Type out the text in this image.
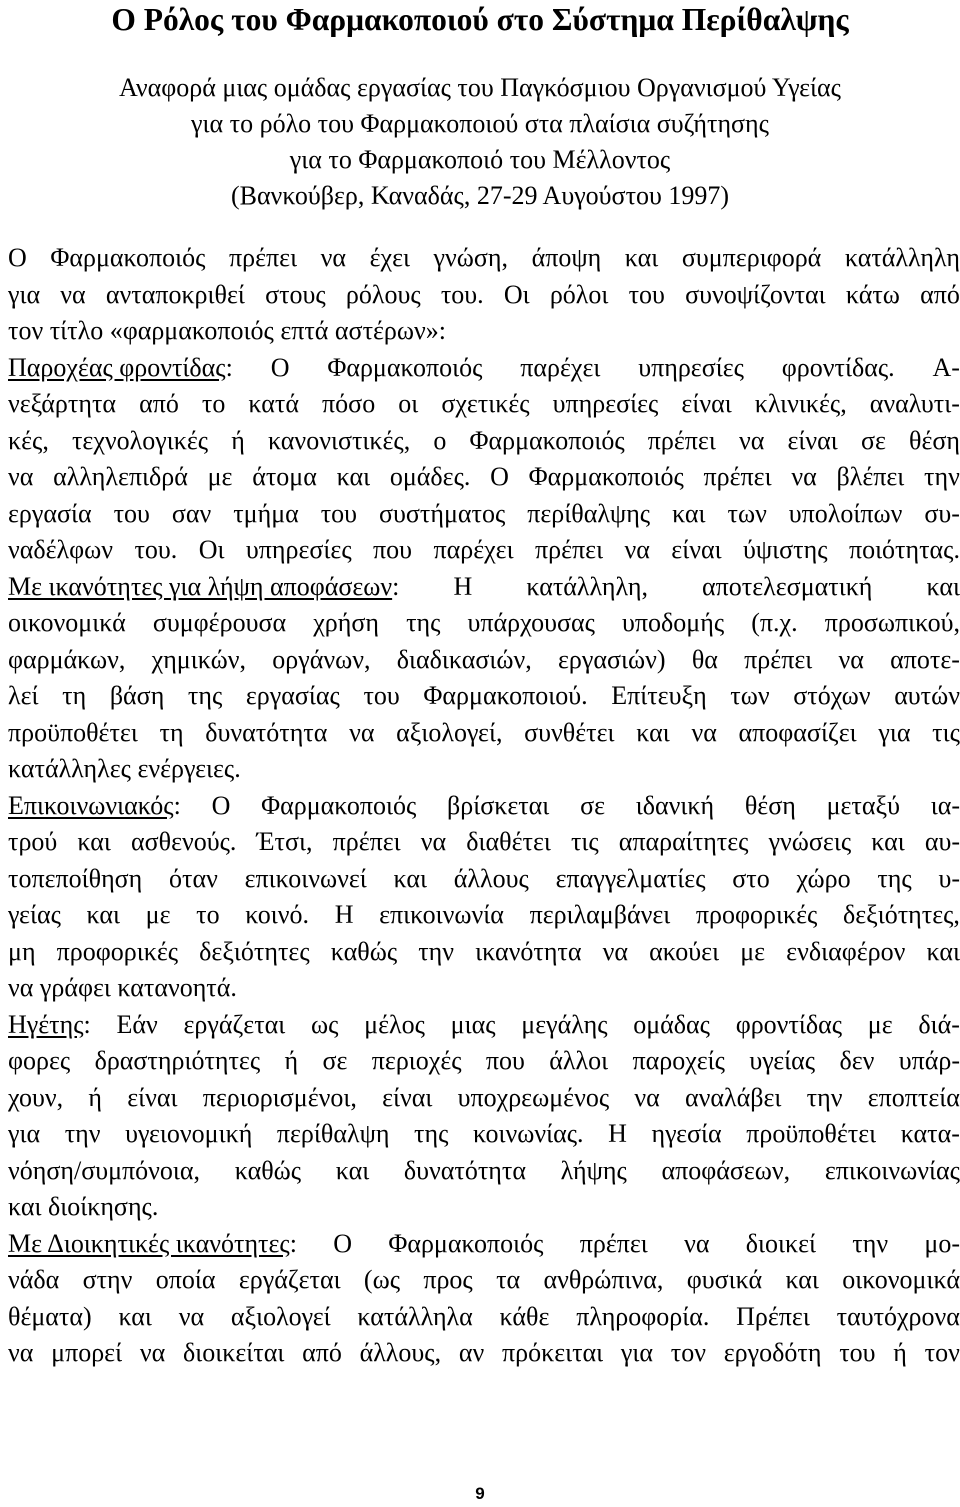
Ο Ρόλος του Φαρμακοποιού στο Σύστημα Περίθαλψης
Αναφορά μιας ομάδας εργασίας του Παγκόσμιου Οργανισμού Υγείας
για το ρόλο του Φαρμακοποιού στα πλαίσια συζήτησης
για το Φαρμακοποιό του Μέλλοντος
(Βανκούβερ, Καναδάς, 27-29 Αυγούστου 1997)
Ο Φαρμακοποιός πρέπει να έχει γνώση, άποψη και συμπεριφορά κατάλληλη
για να ανταποκριθεί στους ρόλους του. Οι ρόλοι του συνοψίζονται κάτω από
τον τίτλο «φαρμακοποιός επτά αστέρων»:
Παροχέας φροντίδας: Ο Φαρμακοποιός παρέχει υπηρεσίες φροντίδας. Α-
νεξάρτητα από το κατά πόσο οι σχετικές υπηρεσίες είναι κλινικές, αναλυτι-
κές, τεχνολογικές ή κανονιστικές, ο Φαρμακοποιός πρέπει να είναι σε θέση
να αλληλεπιδρά με άτομα και ομάδες. Ο Φαρμακοποιός πρέπει να βλέπει την
εργασία του σαν τμήμα του συστήματος περίθαλψης και των υπολοίπων συ-
ναδέλφων του. Οι υπηρεσίες που παρέχει πρέπει να είναι ύψιστης ποιότητας.
Με ικανότητες για λήψη αποφάσεων: Η κατάλληλη, αποτελεσματική και
οικονομικά συμφέρουσα χρήση της υπάρχουσας υποδομής (π.χ. προσωπικού,
φαρμάκων, χημικών, οργάνων, διαδικασιών, εργασιών) θα πρέπει να αποτε-
λεί τη βάση της εργασίας του Φαρμακοποιού. Επίτευξη των στόχων αυτών
προϋποθέτει τη δυνατότητα να αξιολογεί, συνθέτει και να αποφασίζει για τις
κατάλληλες ενέργειες.
Επικοινωνιακός: Ο Φαρμακοποιός βρίσκεται σε ιδανική θέση μεταξύ ια-
τρού και ασθενούς. Έτσι, πρέπει να διαθέτει τις απαραίτητες γνώσεις και αυ-
τοπεποίθηση όταν επικοινωνεί και άλλους επαγγελματίες στο χώρο της υ-
γείας και με το κοινό. Η επικοινωνία περιλαμβάνει προφορικές δεξιότητες,
μη προφορικές δεξιότητες καθώς την ικανότητα να ακούει με ενδιαφέρον και
να γράφει κατανοητά.
Ηγέτης: Εάν εργάζεται ως μέλος μιας μεγάλης ομάδας φροντίδας με διά-
φορες δραστηριότητες ή σε περιοχές που άλλοι παροχείς υγείας δεν υπάρ-
χουν, ή είναι περιορισμένοι, είναι υποχρεωμένος να αναλάβει την εποπτεία
για την υγειονομική περίθαλψη της κοινωνίας. Η ηγεσία προϋποθέτει κατα-
νόηση/συμπόνοια, καθώς και δυνατότητα λήψης αποφάσεων, επικοινωνίας
και διοίκησης.
Με Διοικητικές ικανότητες: Ο Φαρμακοποιός πρέπει να διοικεί την μο-
νάδα στην οποία εργάζεται (ως προς τα ανθρώπινα, φυσικά και οικονομικά
θέματα) και να αξιολογεί κατάλληλα κάθε πληροφορία. Πρέπει ταυτόχρονα
να μπορεί να διοικείται από άλλους, αν πρόκειται για τον εργοδότη του ή τον
9
